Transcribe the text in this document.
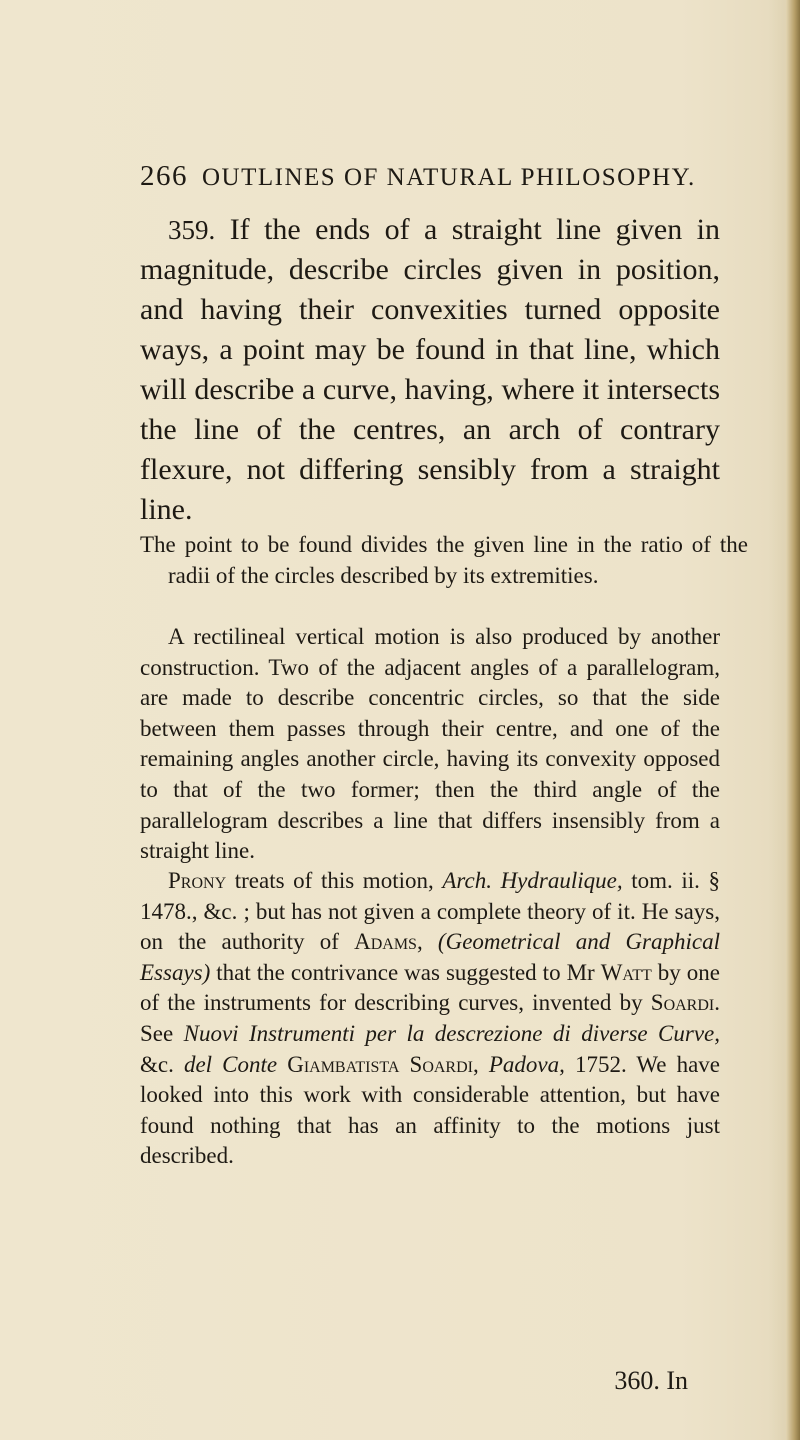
266 OUTLINES OF NATURAL PHILOSOPHY.
359. If the ends of a straight line given in magnitude, describe circles given in position, and having their convexities turned opposite ways, a point may be found in that line, which will describe a curve, having, where it intersects the line of the centres, an arch of contrary flexure, not differing sensibly from a straight line.
The point to be found divides the given line in the ratio of the radii of the circles described by its extremities.
A rectilineal vertical motion is also produced by another construction. Two of the adjacent angles of a parallelogram, are made to describe concentric circles, so that the side between them passes through their centre, and one of the remaining angles another circle, having its convexity opposed to that of the two former; then the third angle of the parallelogram describes a line that differs insensibly from a straight line.
Prony treats of this motion, Arch. Hydraulique, tom. ii. § 1478., &c. ; but has not given a complete theory of it. He says, on the authority of Adams, (Geometrical and Graphical Essays) that the contrivance was suggested to Mr Watt by one of the instruments for describing curves, invented by Soardi. See Nuovi Instrumenti per la descrezione di diverse Curve, &c. del Conte Giambatista Soardi, Padova, 1752. We have looked into this work with considerable attention, but have found nothing that has an affinity to the motions just described.
360. In
